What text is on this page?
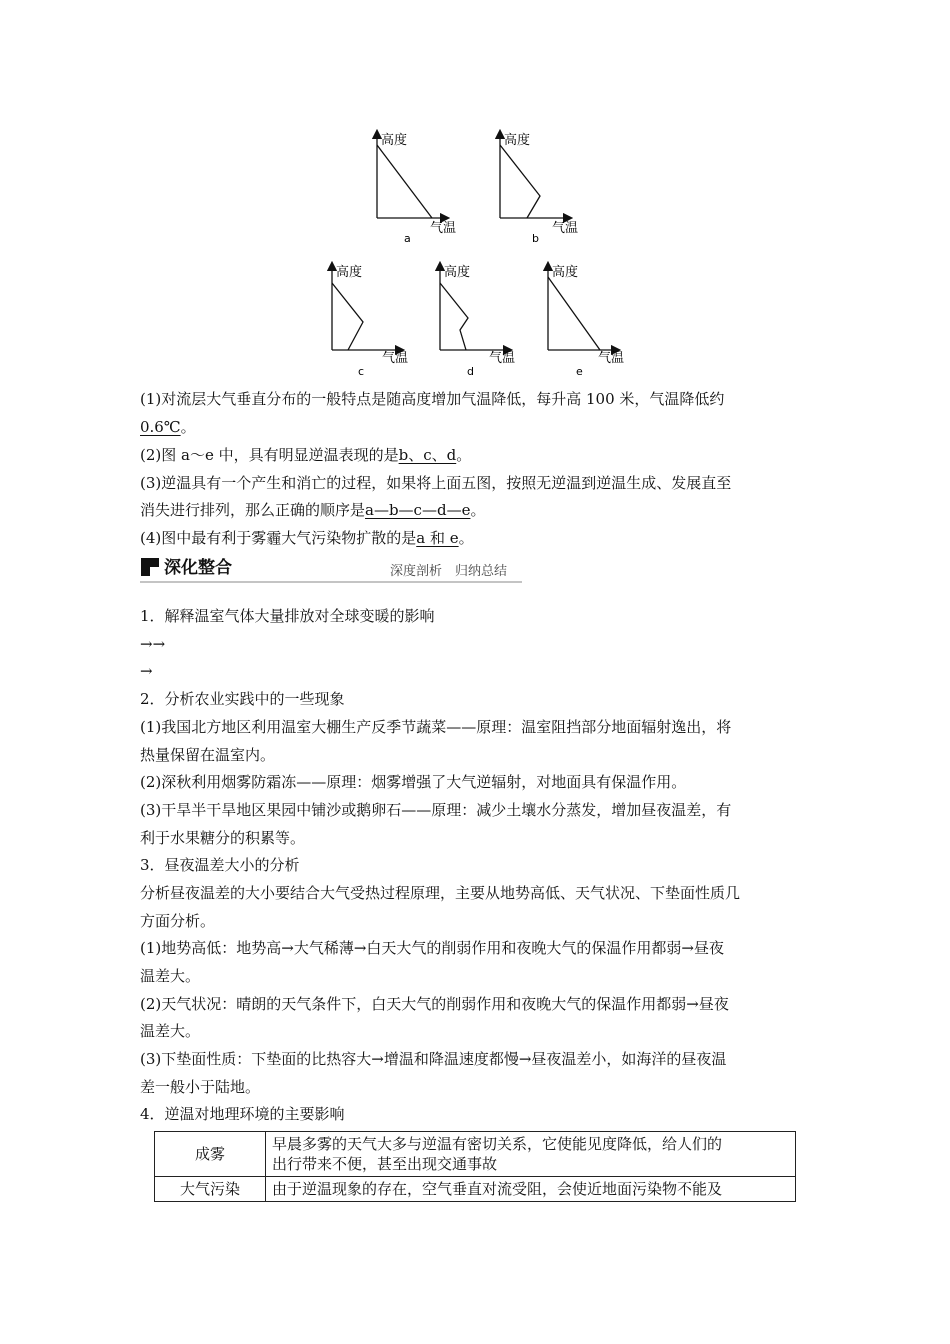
高度
气温
a
高度
气温
b
高度
气温
c
高度
气温
d
高度
气温
e
(1)对流层大气垂直分布的一般特点是随高度增加气温降低，每升高 100 米，气温降低约
0.6℃。
(2)图 a～e 中，具有明显逆温表现的是b、c、d。
(3)逆温具有一个产生和消亡的过程，如果将上面五图，按照无逆温到逆温生成、发展直至
消失进行排列，那么正确的顺序是a—b—c—d—e。
(4)图中最有利于雾霾大气污染物扩散的是a 和 e。
深化整合	深度剖析　归纳总结
1．解释温室气体大量排放对全球变暖的影响
→→
→
2．分析农业实践中的一些现象
(1)我国北方地区利用温室大棚生产反季节蔬菜——原理：温室阻挡部分地面辐射逸出，将
热量保留在温室内。
(2)深秋利用烟雾防霜冻——原理：烟雾增强了大气逆辐射，对地面具有保温作用。
(3)干旱半干旱地区果园中铺沙或鹅卵石——原理：减少土壤水分蒸发，增加昼夜温差，有
利于水果糖分的积累等。
3．昼夜温差大小的分析
分析昼夜温差的大小要结合大气受热过程原理，主要从地势高低、天气状况、下垫面性质几
方面分析。
(1)地势高低：地势高→大气稀薄→白天大气的削弱作用和夜晚大气的保温作用都弱→昼夜
温差大。
(2)天气状况：晴朗的天气条件下，白天大气的削弱作用和夜晚大气的保温作用都弱→昼夜
温差大。
(3)下垫面性质：下垫面的比热容大→增温和降温速度都慢→昼夜温差小，如海洋的昼夜温
差一般小于陆地。
4．逆温对地理环境的主要影响
成雾	早晨多雾的天气大多与逆温有密切关系，它使能见度降低，给人们的
出行带来不便，甚至出现交通事故

大气污染	由于逆温现象的存在，空气垂直对流受阻，会使近地面污染物不能及
